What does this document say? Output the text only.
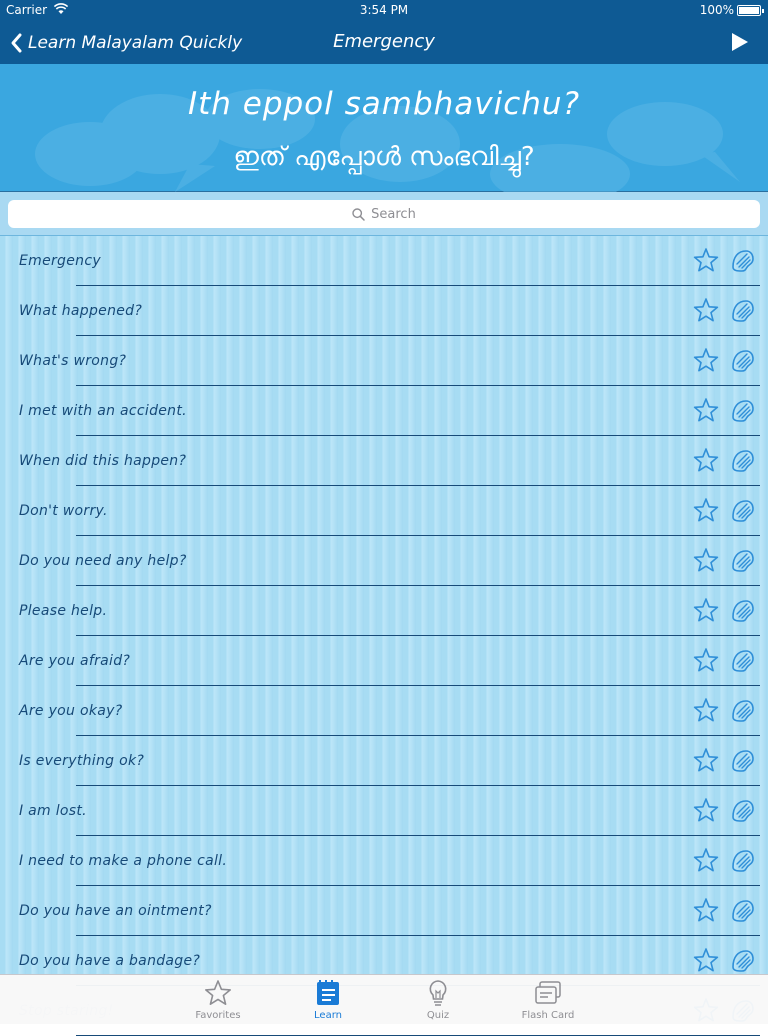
Carrier	3:54 PM	100%
Learn Malayalam Quickly	Emergency
Ith eppol sambhavichu?
ഇത് എപ്പോൾ സംഭവിച്ചു?
Search
Emergency
What happened?
What's wrong?
I met with an accident.
When did this happen?
Don't worry.
Do you need any help?
Please help.
Are you afraid?
Are you okay?
Is everything ok?
I am lost.
I need to make a phone call.
Do you have an ointment?
Do you have a bandage?
Favorites	Learn	Quiz	Flash Card
